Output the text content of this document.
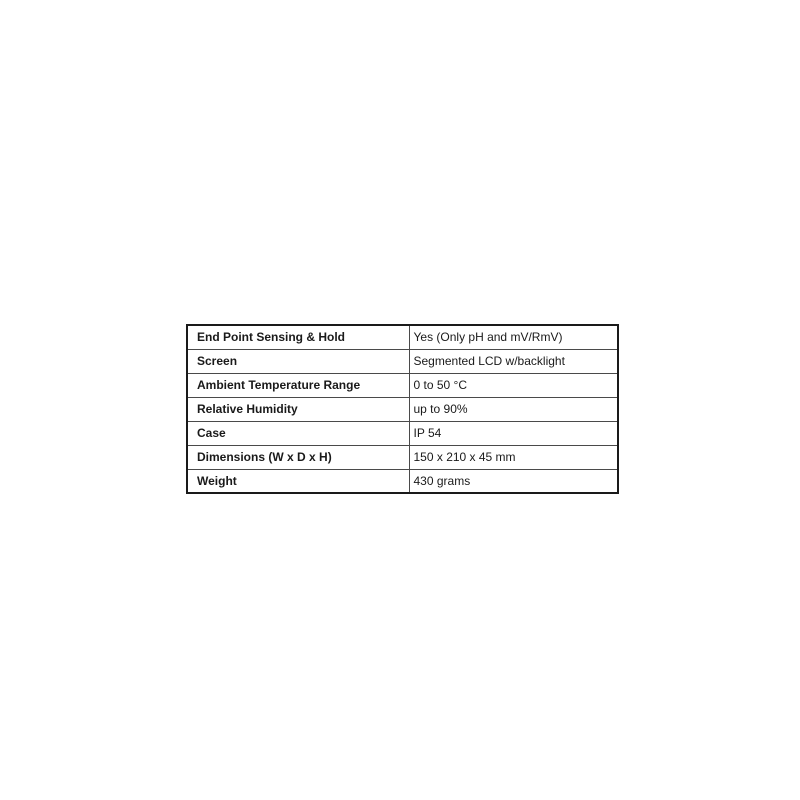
End Point Sensing & Hold	Yes (Only pH and mV/RmV)
Screen	Segmented LCD w/backlight
Ambient Temperature Range	0 to 50 °C
Relative Humidity	up to 90%
Case	IP 54
Dimensions (W x D x H)	150 x 210 x 45 mm
Weight	430 grams
